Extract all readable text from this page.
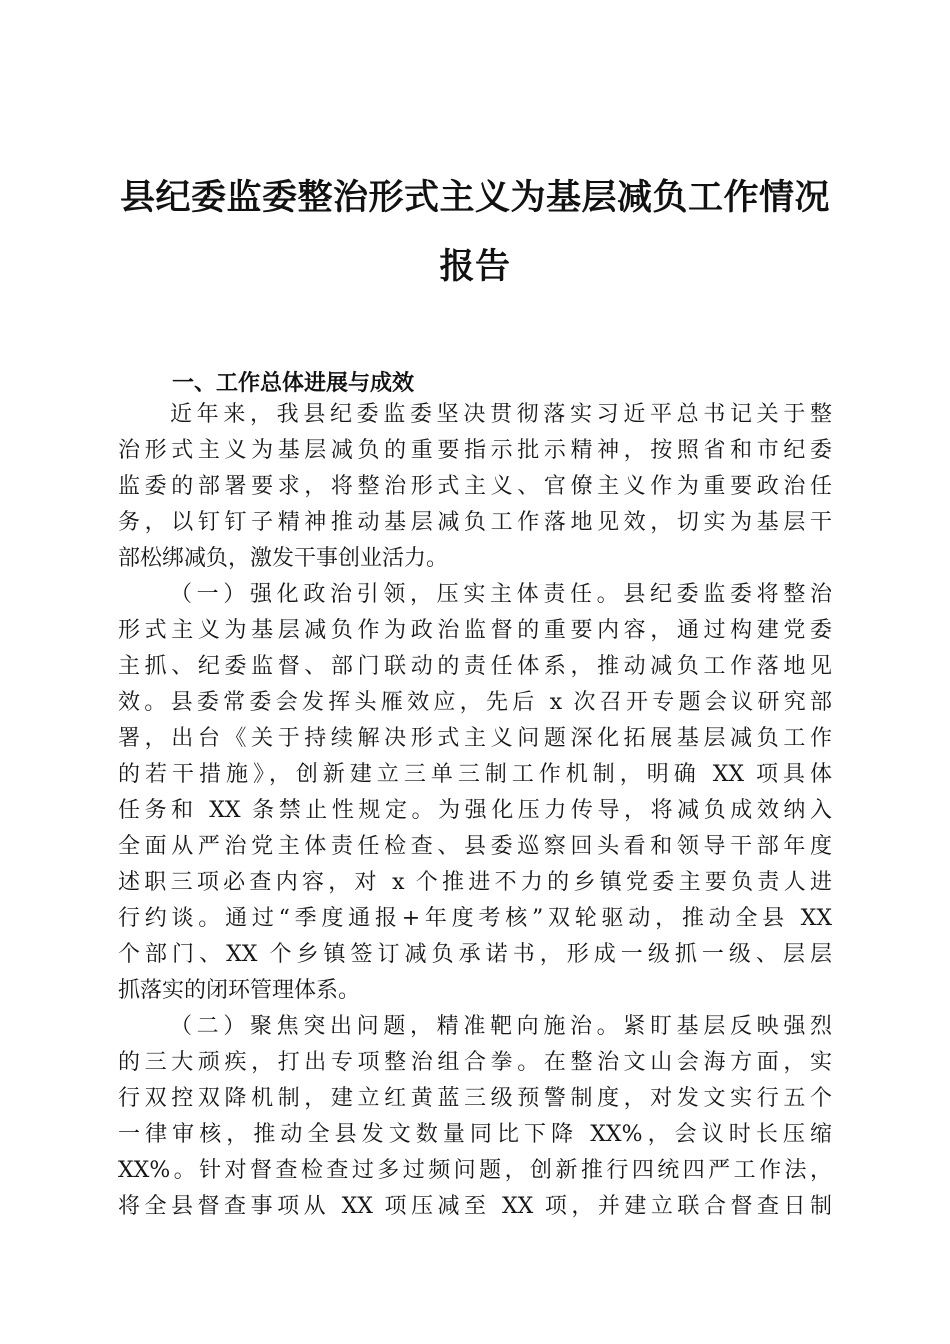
县纪委监委整治形式主义为基层减负工作情况
报告
一、工作总体进展与成效
近年来，我县纪委监委坚决贯彻落实习近平总书记关于整
治形式主义为基层减负的重要指示批示精神，按照省和市纪委
监委的部署要求，将整治形式主义、官僚主义作为重要政治任
务，以钉钉子精神推动基层减负工作落地见效，切实为基层干
部松绑减负，激发干事创业活力。
（一）强化政治引领，压实主体责任。县纪委监委将整治
形式主义为基层减负作为政治监督的重要内容，通过构建党委
主抓、纪委监督、部门联动的责任体系，推动减负工作落地见
效。县委常委会发挥头雁效应，先后 x 次召开专题会议研究部
署，出台《关于持续解决形式主义问题深化拓展基层减负工作
的若干措施》，创新建立三单三制工作机制，明确 XX 项具体
任务和 XX 条禁止性规定。为强化压力传导，将减负成效纳入
全面从严治党主体责任检查、县委巡察回头看和领导干部年度
述职三项必查内容，对 x 个推进不力的乡镇党委主要负责人进
行约谈。通过“季度通报+年度考核”双轮驱动，推动全县 XX
个部门、XX 个乡镇签订减负承诺书，形成一级抓一级、层层
抓落实的闭环管理体系。
（二）聚焦突出问题，精准靶向施治。紧盯基层反映强烈
的三大顽疾，打出专项整治组合拳。在整治文山会海方面，实
行双控双降机制，建立红黄蓝三级预警制度，对发文实行五个
一律审核，推动全县发文数量同比下降 XX%，会议时长压缩
XX%。针对督查检查过多过频问题，创新推行四统四严工作法，
将全县督查事项从 XX 项压减至 XX 项，并建立联合督查日制
